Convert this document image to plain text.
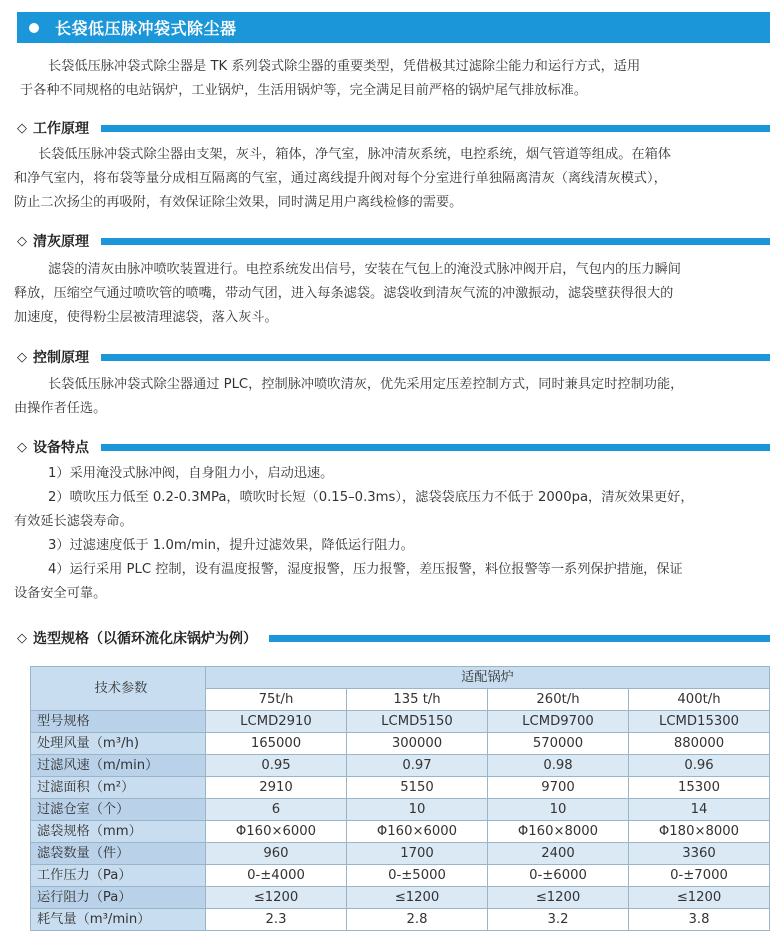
长袋低压脉冲袋式除尘器

长袋低压脉冲袋式除尘器是 TK 系列袋式除尘器的重要类型，凭借极其过滤除尘能力和运行方式，适用

于各种不同规格的电站锅炉，工业锅炉，生活用锅炉等，完全满足目前严格的锅炉尾气排放标准。

◇ 工作原理

长袋低压脉冲袋式除尘器由支架，灰斗，箱体，净气室，脉冲清灰系统，电控系统，烟气管道等组成。在箱体

和净气室内，将布袋等量分成相互隔离的气室，通过离线提升阀对每个分室进行单独隔离清灰（离线清灰模式），

防止二次扬尘的再吸附，有效保证除尘效果，同时满足用户离线检修的需要。

◇ 清灰原理

滤袋的清灰由脉冲喷吹装置进行。电控系统发出信号，安装在气包上的淹没式脉冲阀开启，气包内的压力瞬间

释放，压缩空气通过喷吹管的喷嘴，带动气团，进入每条滤袋。滤袋收到清灰气流的冲激振动，滤袋壁获得很大的

加速度，使得粉尘层被清理滤袋，落入灰斗。

◇ 控制原理

长袋低压脉冲袋式除尘器通过 PLC，控制脉冲喷吹清灰，优先采用定压差控制方式，同时兼具定时控制功能，

由操作者任选。

◇ 设备特点

1）采用淹没式脉冲阀，自身阻力小，启动迅速。

2）喷吹压力低至 0.2-0.3MPa，喷吹时长短（0.15–0.3ms），滤袋袋底压力不低于 2000pa，清灰效果更好，

有效延长滤袋寿命。

3）过滤速度低于 1.0m/min，提升过滤效果，降低运行阻力。

4）运行采用 PLC 控制，设有温度报警，湿度报警，压力报警，差压报警，料位报警等一系列保护措施，保证

设备安全可靠。

◇ 选型规格（以循环流化床锅炉为例）
技术参数	适配锅炉			
	75t/h	135 t/h	260t/h	400t/h
型号规格	LCMD2910	LCMD5150	LCMD9700	LCMD15300
处理风量（m³/h)	165000	300000	570000	880000
过滤风速（m/min）	0.95	0.97	0.98	0.96
过滤面积（m²）	2910	5150	9700	15300
过滤仓室（个）	6	10	10	14
滤袋规格（mm）	Φ160×6000	Φ160×6000	Φ160×8000	Φ180×8000
滤袋数量（件）	960	1700	2400	3360
工作压力（Pa）	0-±4000	0-±5000	0-±6000	0-±7000
运行阻力（Pa）	≤1200	≤1200	≤1200	≤1200
耗气量（m³/min）	2.3	2.8	3.2	3.8
